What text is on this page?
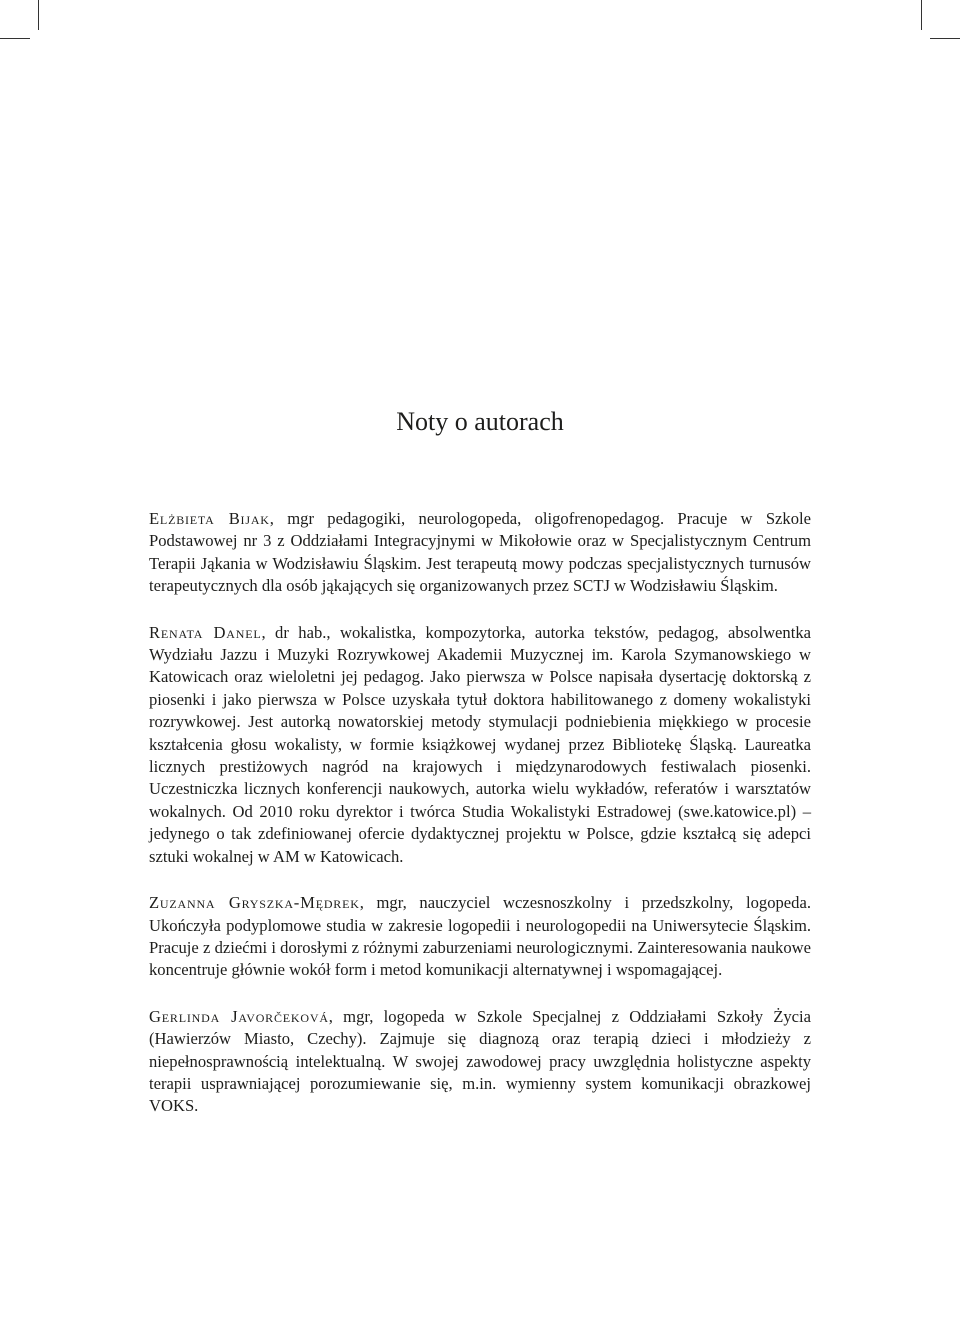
Noty o autorach

Elżbieta Bijak, mgr pedagogiki, neurologopeda, oligofrenopedagog. Pracuje w Szkole Podstawowej nr 3 z Oddziałami Integracyjnymi w Mikołowie oraz w Specjalistycznym Centrum Terapii Jąkania w Wodzisławiu Śląskim. Jest terapeutą mowy podczas specjalistycznych turnusów terapeutycznych dla osób jąkających się organizowanych przez SCTJ w Wodzisławiu Śląskim.

Renata Danel, dr hab., wokalistka, kompozytorka, autorka tekstów, pedagog, absolwentka Wydziału Jazzu i Muzyki Rozrywkowej Akademii Muzycznej im. Karola Szymanowskiego w Katowicach oraz wieloletni jej pedagog. Jako pierwsza w Polsce napisała dysertację doktorską z piosenki i jako pierwsza w Polsce uzyskała tytuł doktora habilitowanego z domeny wokalistyki rozrywkowej. Jest autorką nowatorskiej metody stymulacji podniebienia miękkiego w procesie kształcenia głosu wokalisty, w formie książkowej wydanej przez Bibliotekę Śląską. Laureatka licznych prestiżowych nagród na krajowych i międzynarodowych festiwalach piosenki. Uczestniczka licznych konferencji naukowych, autorka wielu wykładów, referatów i warsztatów wokalnych. Od 2010 roku dyrektor i twórca Studia Wokalistyki Estradowej (swe.katowice.pl) – jedynego o tak zdefiniowanej ofercie dydaktycznej projektu w Polsce, gdzie kształcą się adepci sztuki wokalnej w AM w Katowicach.

Zuzanna Gryszka-Mędrek, mgr, nauczyciel wczesnoszkolny i przedszkolny, logopeda. Ukończyła podyplomowe studia w zakresie logopedii i neurologopedii na Uniwersytecie Śląskim. Pracuje z dziećmi i dorosłymi z różnymi zaburzeniami neurologicznymi. Zainteresowania naukowe koncentruje głównie wokół form i metod komunikacji alternatywnej i wspomagającej.

Gerlinda Javorčeková, mgr, logopeda w Szkole Specjalnej z Oddziałami Szkoły Życia (Hawierzów Miasto, Czechy). Zajmuje się diagnozą oraz terapią dzieci i młodzieży z niepełnosprawnością intelektualną. W swojej zawodowej pracy uwzględnia holistyczne aspekty terapii usprawniającej porozumiewanie się, m.in. wymienny system komunikacji obrazkowej VOKS.
